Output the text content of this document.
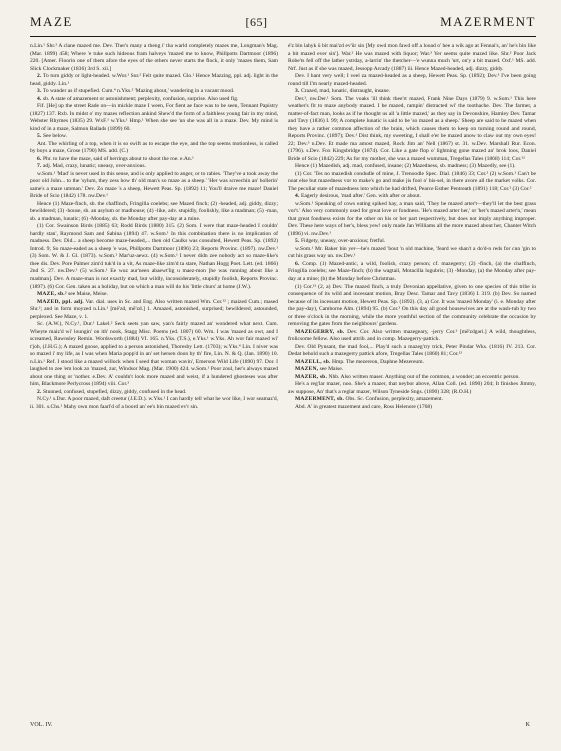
MAZE	[65]	MAZERMENT

n.Lin.¹ Shr.² A clane mazed me. Dev. Ther's many a theng i' tha warld completely mazes me, Longman's Mag. (Mar. 1899) 458; Where 'e tuke such hideous fram halveys 'mazed me to know, Phillpotts Dartmoor (1896) 220. [Amer. Floorin one of them afore the eyes of the others never starts the flock, it only 'mazes them, Sam Slick Clockmaker (1836) 3rd S. xii.]

2. To turn giddy or light-headed. w.Wor.¹ Sur.² Felt quite mazed. Glo.¹ Hence Mazzing, ppl. adj. light in the head, giddy. Lin.¹

3. To wander as if stupefied. Cum.⁴ n.Yks.² 'Mazing about,' wandering in a vacant mood.

4. sb. A state of amazement or astonishment; perplexity, confusion, surprise. Also used fig.

Fif. [He] up the street Rade on—in mickle maze I ween, For fient ae face was to be seen, Tennant Papistry (1827) 137. Rxb. In midst o' my mazes reflection ankind Shew'd the form of a faithless young fair in my mind, Webster Rhymes (1835) 29. WxF.¹ w.Yks.¹ Hmp.¹ When she see 'un she was all in a maze. Dev. My mind is kind of in a maze, Salmon Ballads (1899) 60.

5. See below.

Ant. The whirling of a top, when it is so swift as to escape the eye, and the top seems motionless, is called by boys a maze, Grose (1790) MS. add. (C.)

6. Phr. to have the maze, said of herrings about to shoot the roe. e.An.¹

7. adj. Mad, crazy, lunatic; uneasy, over-anxious.

w.Som.¹ 'Mad' is never used in this sense, and is only applied to anger, or to rabies. 'They've a took away the poor old John... to the 'sylum, they zess how th' old man's so maze as a sheep.' 'Her was screechin an' hollerin' same's a maze umman.' Dev. Zo maze 's a sheep, Hewett Peas. Sp. (1892) 11; You'll draive me maze! Daniel Bride of Scio (1842) 178. nw.Dev.¹

Hence (1) Maze-finch, sb. the chaffinch, Fringilla coelebs; see Mazed finch; (2) -headed, adj. giddy, dizzy; bewildered; (3) -house, sb. an asylum or madhouse; (4) -like, adv. stupidly, foolishly, like a madman; (5) -man, sb. a madman, lunatic; (6) -Monday, sb. the Monday after pay-day at a mine.

(1) Cor. Swainson Birds (1885) 63; Rodd Birds (1880) 315. (2) Som. I were that maze-headed I couldn' hardly stan', Raymond Sam and Sabina (1894) 47. w.Som.¹ In this combination there is no implication of madness. Dev. Did... a sheep become maze-headed,... then old Caulks was consulted, Hewett Peas. Sp. (1892) Introd. 9; So maze-eaded as a sheep 'e was, Phillpotts Dartmoor (1896) 23; Reports Provinc. (1897). nw.Dev.¹ (3) Som. W. & J. Gl. (1873). w.Som.¹ Mar'uz-aewz. (4) w.Som.¹ I never didn zee nobody act so maze-like's thee dis. Dev. Pore Palmer zim'd tuk'd in a vit, As maze-like zim'd ta stare, Nathan Hogg Poet. Lett. (ed. 1866) 2nd S. 27. nw.Dev.¹ (5) w.Som.¹ Ee wuz aur'neen abaewt'lig u maez-mon [he was running about like a madman]. Dev. A maze-man is not exactly mad, but wildly, inconsiderately, stupidly foolish, Reports Provinc. (1897). (6) Cor. Gen. taken as a holiday, but on which a man will do his 'little churs' at home (J.W.).

MAZE, sb.² see Maise, Meise.

MAZED, ppl. adj. Var. dial. uses in Sc. and Eng. Also written mazed Wm. Cor.¹² ; maized Cum.; mased Shr.²; and in form moyzed n.Lin.¹ [mē'zd, mē'zd.] 1. Amazed, astonished, surprised; bewildered, astounded, perplexed. See Maze, v. 1.

Sc. (A.W.), N.Cy.¹, Dur.¹ Lakel.² Seck seets yan saw, yan's fairly mazed an' wondered what next. Cum. Wheyte maiz'd wi' loungin' on ith' nook, Stagg Misc. Poems (ed. 1807) 60. Wm. I was 'mazed as owt, and I screamed, Rawnsley Remin. Wordsworth (1884) VI. 165. n.Yks. (T.S.), e.Yks.¹ w.Yks. Ah wor fair mazed wi' t'job, (J.H.G.); A mazed goose, applied to a person astonished, Thoresby Lett. (1703); w.Yks.⁴ Lin. I niver was so mazed i' my life, as I was when Maria popp'd in an' set hersen doon by th' fire, Lin. N. & Q. (Jan. 1890) 10. n.Lin.¹ Ref. I stood like a mazed willock when I seed that woman wavin', Emerson Wild Life (1890) 97. Dor. I laughed to zee 'em look zo 'mazed, zur, Windsor Mag. (Mar. 1900) 424. w.Som.¹ Poor zoul, her's always mazed about one thing or 'nother. e.Dev. A' couldn't look more mazed and weist, if a hundered ghosteses was after him, Blackmore Perlycross (1894) viii. Cor.²

2. Stunned, confused, stupefied, dizzy, giddy, confused in the head.

N.Cy.¹ s.Dur. A poor mazed, daft creetur (J.E.D.). w.Yks.¹ I can hardly tell what he wor like, I wor seamaz'd, ii. 301. s.Chs.¹ Mahy own mon faarl'd of a boord an' ee's bin mazed ev'r sin.

é'z bin lahyk ü bit mai'zd ev'ür sin [My owd mon fawd off a looad o' hee a wik ago at Fennai's, an' he's bin like a bit mazed ever sin']. War.² He was mazed with liquor; War.³ Yer seems quite mazed like. Shr.² Poor Jack Robe'ts fell off the lather ystrday, a-larrin' the thetcher—'e wunna much 'urt, on'y a bit mazed. Oxf.¹ MS. add. Nrf. Just as if she was mazed, Jessopp Arcady (1887) iii. Hence Mazed-headed, adj. dizzy, giddy.

Dev. I bant very well; I veel za mazed-headed as a sheep, Hewett Peas. Sp. (1892); Dev.³ I've been going round till I'm nearly mazed-headed.

3. Crazed, mad, lunatic, distraught, insane.

Der.², nw.Der.¹ Som. The voaks 'ill think thee'rt mazed, Frank Nine Days (1879) 9. w.Som.¹ This here weather's fit to maze anybody mazed. I be mazed, rampin' distracted wi' the toothache. Dev. The farmer, a matter-of-fact man, looks as if he thought us all 'a little mazed,' as they say in Devonshire, Hamley Dev. Tamar and Tavy (1836) I. 99; A complete lunatic is said to be 'so mazed as a sheep.' Sheep are said to be mazed when they have a rather common affection of the brain, which causes them to keep on turning round and round, Reports Provinc. (1897); Dev.¹ Dist think, my sweeting, I shall e'er be mazed anow to claw out my own eyes! 22; Dev.³ n.Dev. Et made ma amost mazed, Rock Jim an' Nell (1867) st. 31. w.Dev. Marshall Rur. Econ. (1796). s.Dev. Fox Kingsbridge (1874). Cor. Like a gate flop o' lightning gone mazed an' brok loos, Daniel Bride of Scio (1842) 229; As for my mother, she was a mazed wumman, Tregellas Tales (1868) 114; Cor.¹²

Hence (1) Mazedish, adj. mad, confused, insane; (2) Mazedness, sb. madness; (3) Mazedly, see (1).

(1) Cor. 'Tes no mazedish condudle of mine, J. Trenoodle Spec. Dial. (1846) 33; Cor.² (2) w.Som.¹ Can't be noat else but mazedness vor to make's go and make jis fool o' his-sel, in there avore all the market volks. Cor. The peculiar state of mazedness into which he had drifted, Pearce Esther Pentreath (1891) 118; Cor.² (3) Cor.²

4. Eagerly desirous, 'mad after.' Gen. with after or about.

w.Som.¹ Speaking of cows eating spiked hay, a man said, 'They be mazed arter't—they'll let the best grass vor't.' Also very commonly used for great love or fondness. 'He's mazed arter her,' or 'her's mazed arter'n,' mean that great fondness exists for the other on his or her part respectively, but does not imply anything improper. Dev. These here ways of her's, bless yew! only made Jan Williams all the more mazed about her, Chanter Witch (1896) vi. nw.Dev.¹

5. Fidgety, uneasy, over-anxious; fretful.

w.Som.¹ Mr. Baker bin yer—he's mazed 'bout 'n old machine, 'feard we shan't a do'd-n reds for cun 'gin to cut his grass way un. nw.Dev.¹

6. Comp. (1) Mazed-antic, a wild, foolish, crazy person; cf. mazegerry; (2) -finch, (a) the chaffinch, Fringilla coelebs; see Maze-finch; (b) the wagtail, Motacilla lugubris; (3) -Monday, (a) the Monday after pay-day at a mine; (b) the Monday before Christmas.

(1) Cor.¹² (2, a) Dev. The mazed finch, a truly Devonian appellative, given to one species of this tribe in consequence of its wild and incessant motion, Bray Desc. Tamar and Tavy (1836) I. 319. (b) Dev. So named because of its incessant motion, Hewett Peas. Sp. (1892). (3, a) Cor. It was 'mazed Monday' (i. e. Monday after the pay-day), Camborne Alm. (1894) 95. (b) Cor.³ On this day all good housewives are at the wash-tub by two or three o'clock in the morning, while the more youthful section of the community celebrate the occasion by removing the gates from the neighbours' gardens.

MAZEGERRY, sb. Dev. Cor. Also written mazegeary, -jerry Cor.² [mē'zdgəri.] A wild, thoughtless, frolicsome fellow. Also used attrib. and in comp. Mazegerry-pattick.

Dev. Old Pynsant, the mad fool,... Play'd such a mazeg'rry trick, Peter Pindar Wks. (1816) IV. 213. Cor. Dedat behold such a mazegerry pattick afore, Tregellas Tales (1860) 81; Cor.¹²

MAZELL, sb. Hmp. The mezereon, Daphne Mezereum.

MAZEN, see Maise.

MAZER, sb. Nhb. Also written maser. Anything out of the common, a wonder; an eccentric person.

He's a reg'lar mazer, noo. She's a mazer, that neybor above, Allan Coll. (ed. 1890) 204; It finishes Jimmy, aw suppose, An' that's a reglar mazer, Wilson Tyneside Sngs. (1890) 328; (R.O.H.)

MAZERMENT, sb. Obs. Sc. Confusion, perplexity, amazement.

Abd. A' in greatest mazement and care, Ross Helenore (1768)

VOL. IV.	K
